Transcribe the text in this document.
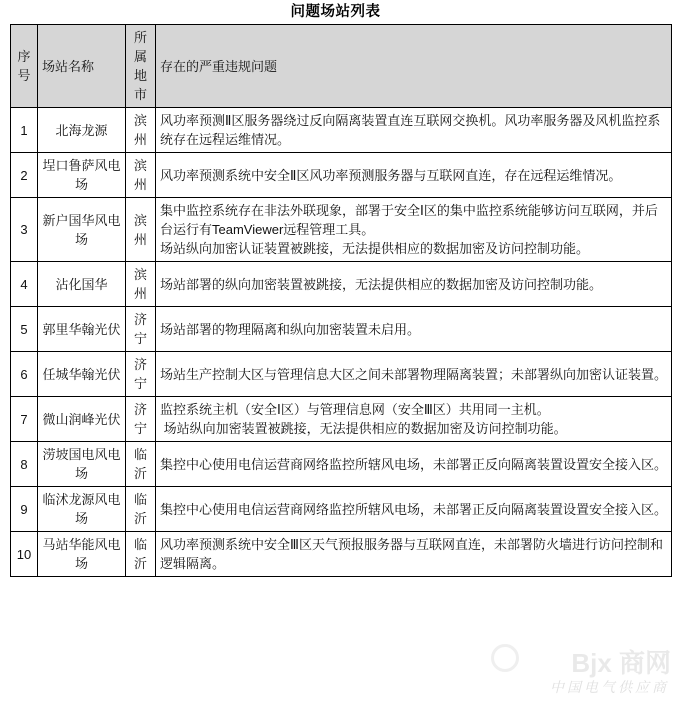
问题场站列表
序号	场站名称	所属地市	存在的严重违规问题
1	北海龙源	滨州	风功率预测Ⅱ区服务器绕过反向隔离装置直连互联网交换机。风功率服务器及风机监控系统存在远程运维情况。

2	埕口鲁萨风电场	滨州	风功率预测系统中安全Ⅱ区风功率预测服务器与互联网直连，存在远程运维情况。

3	新户国华风电场	滨州	集中监控系统存在非法外联现象，部署于安全Ⅰ区的集中监控系统能够访问互联网，并后台运行有TeamViewer远程管理工具。
场站纵向加密认证装置被跳接，无法提供相应的数据加密及访问控制功能。

4	沾化国华	滨州	场站部署的纵向加密装置被跳接，无法提供相应的数据加密及访问控制功能。

5	郭里华翰光伏	济宁	场站部署的物理隔离和纵向加密装置未启用。

6	任城华翰光伏	济宁	场站生产控制大区与管理信息大区之间未部署物理隔离装置；未部署纵向加密认证装置。

7	微山润峰光伏	济宁	监控系统主机（安全Ⅰ区）与管理信息网（安全Ⅲ区）共用同一主机。
场站纵向加密装置被跳接，无法提供相应的数据加密及访问控制功能。

8	涝坡国电风电场	临沂	集控中心使用电信运营商网络监控所辖风电场，未部署正反向隔离装置设置安全接入区。

9	临沭龙源风电场	临沂	集控中心使用电信运营商网络监控所辖风电场，未部署正反向隔离装置设置安全接入区。

10	马站华能风电场	临沂	风功率预测系统中安全Ⅲ区天气预报服务器与互联网直连，未部署防火墙进行访问控制和逻辑隔离。
Bjx 商网
中国电气供应商
